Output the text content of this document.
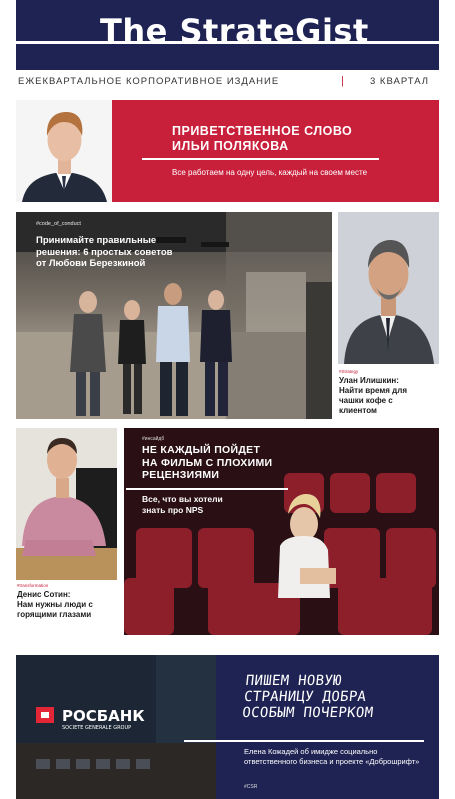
The StrateGist
ЕЖЕКВАРТАЛЬНОЕ КОРПОРАТИВНОЕ ИЗДАНИЕ	|	3 КВАРТАЛ
ПРИВЕТСТВЕННОЕ СЛОВО
ИЛЬИ ПОЛЯКОВА
Все работаем на одну цель, каждый на своем месте
#code_of_conduct
Принимайте правильные
решения: 6 простых советов
от Любови Березкиной
#Strategy
Улан Илишкин:
Найти время для
чашки кофе с
клиентом
#transformation
Денис Сотин:
Нам нужны люди с
горящими глазами
#инсайдб
НЕ КАЖДЫЙ ПОЙДЕТ
НА ФИЛЬМ С ПЛОХИМИ
РЕЦЕНЗИЯМИ
Все, что вы хотели
знать про NPS
РОСБАНК
SOCIETE GENERALE GROUP
ПИШЕМ НОВУЮ
СТРАНИЦУ ДОБРА
ОСОБЫМ ПОЧЕРКОМ
Елена Кожадей об имидже социально ответственного бизнеса и проекте «Доброшрифт»
#CSR
